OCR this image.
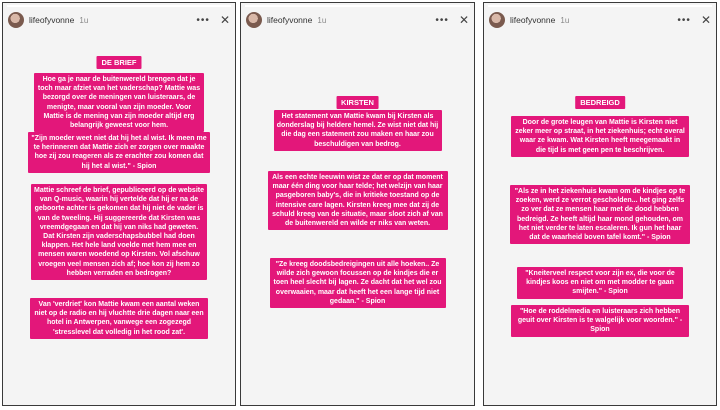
lifeofyvonne 1u	••• ✕
DE BRIEF
Hoe ga je naar de buitenwereld brengen dat je toch maar afziet van het vaderschap? Mattie was bezorgd over de meningen van luisteraars, de menigte, maar vooral van zijn moeder. Voor Mattie is de mening van zijn moeder altijd erg belangrijk geweest voor hem.
"Zijn moeder weet niet dat hij het al wist. Ik meen me te herinneren dat Mattie zich er zorgen over maakte hoe zij zou reageren als ze erachter zou komen dat hij het al wist." - Spion
Mattie schreef de brief, gepubliceerd op de website van Q-music, waarin hij vertelde dat hij er na de geboorte achter is gekomen dat hij niet de vader is van de tweeling. Hij suggereerde dat Kirsten was vreemdgegaan en dat hij van niks had geweten. Dat Kirsten zijn vaderschapsbubbel had doen klappen. Het hele land voelde met hem mee en mensen waren woedend op Kirsten. Vol afschuw vroegen veel mensen zich af; hoe kon zij hem zo hebben verraden en bedrogen?
Van 'verdriet' kon Mattie kwam een aantal weken niet op de radio en hij vluchtte drie dagen naar een hotel in Antwerpen, vanwege een zogezegd 'stresslevel dat volledig in het rood zat'.
lifeofyvonne 1u	••• ✕
KIRSTEN
Het statement van Mattie kwam bij Kirsten als donderslag bij heldere hemel. Ze wist niet dat hij die dag een statement zou maken en haar zou beschuldigen van bedrog.
Als een echte leeuwin wist ze dat er op dat moment maar één ding voor haar telde; het welzijn van haar pasgeboren baby's, die in kritieke toestand op de intensive care lagen. Kirsten kreeg mee dat zij de schuld kreeg van de situatie, maar sloot zich af van de buitenwereld en wilde er niks van weten.
"Ze kreeg doodsbedreigingen uit alle hoeken.. Ze wilde zich gewoon focussen op de kindjes die er toen heel slecht bij lagen. Ze dacht dat het wel zou overwaaien, maar dat heeft het een lange tijd niet gedaan." - Spion
lifeofyvonne 1u	••• ✕
BEDREIGD
Door de grote leugen van Mattie is Kirsten niet zeker meer op straat, in het ziekenhuis; echt overal waar ze kwam. Wat Kirsten heeft meegemaakt in die tijd is met geen pen te beschrijven.
"Als ze in het ziekenhuis kwam om de kindjes op te zoeken, werd ze verrot gescholden... het ging zelfs zo ver dat ze mensen haar met de dood hebben bedreigd. Ze heeft altijd haar mond gehouden, om het niet verder te laten escaleren. Ik gun het haar dat de waarheid boven tafel komt." - Spion
"Kneiterveel respect voor zijn ex, die voor de kindjes koos en niet om met modder te gaan smijten." - Spion
"Hoe de roddelmedia en luisteraars zich hebben geuit over Kirsten is te walgelijk voor woorden." - Spion
